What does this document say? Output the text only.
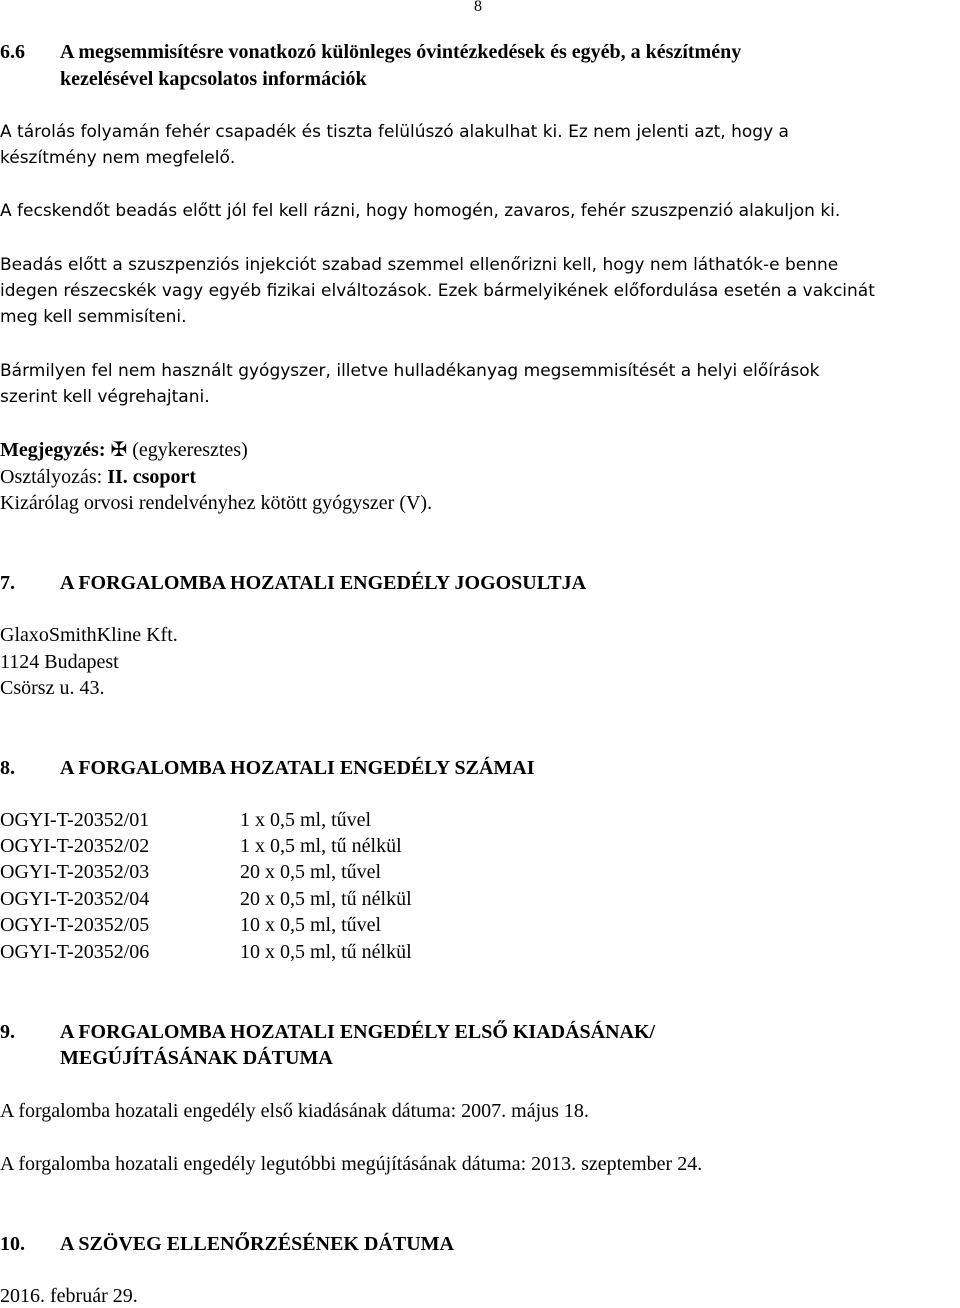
8
6.6 A megsemmisítésre vonatkozó különleges óvintézkedések és egyéb, a készítmény
kezelésével kapcsolatos információk
A tárolás folyamán fehér csapadék és tiszta felülúszó alakulhat ki. Ez nem jelenti azt, hogy a
készítmény nem megfelelő.
A fecskendőt beadás előtt jól fel kell rázni, hogy homogén, zavaros, fehér szuszpenzió alakuljon ki.
Beadás előtt a szuszpenziós injekciót szabad szemmel ellenőrizni kell, hogy nem láthatók-e benne
idegen részecskék vagy egyéb fizikai elváltozások. Ezek bármelyikének előfordulása esetén a vakcinát
meg kell semmisíteni.
Bármilyen fel nem használt gyógyszer, illetve hulladékanyag megsemmisítését a helyi előírások
szerint kell végrehajtani.
Megjegyzés: ✠ (egykeresztes)
Osztályozás: II. csoport
Kizárólag orvosi rendelvényhez kötött gyógyszer (V).
7. A FORGALOMBA HOZATALI ENGEDÉLY JOGOSULTJA
GlaxoSmithKline Kft.
1124 Budapest
Csörsz u. 43.
8. A FORGALOMBA HOZATALI ENGEDÉLY SZÁMAI
OGYI-T-20352/01	1 x 0,5 ml, tűvel
OGYI-T-20352/02	1 x 0,5 ml, tű nélkül
OGYI-T-20352/03	20 x 0,5 ml, tűvel
OGYI-T-20352/04	20 x 0,5 ml, tű nélkül
OGYI-T-20352/05	10 x 0,5 ml, tűvel
OGYI-T-20352/06	10 x 0,5 ml, tű nélkül
9. A FORGALOMBA HOZATALI ENGEDÉLY ELSŐ KIADÁSÁNAK/
MEGÚJÍTÁSÁNAK DÁTUMA
A forgalomba hozatali engedély első kiadásának dátuma: 2007. május 18.
A forgalomba hozatali engedély legutóbbi megújításának dátuma: 2013. szeptember 24.
10. A SZÖVEG ELLENŐRZÉSÉNEK DÁTUMA
2016. február 29.
